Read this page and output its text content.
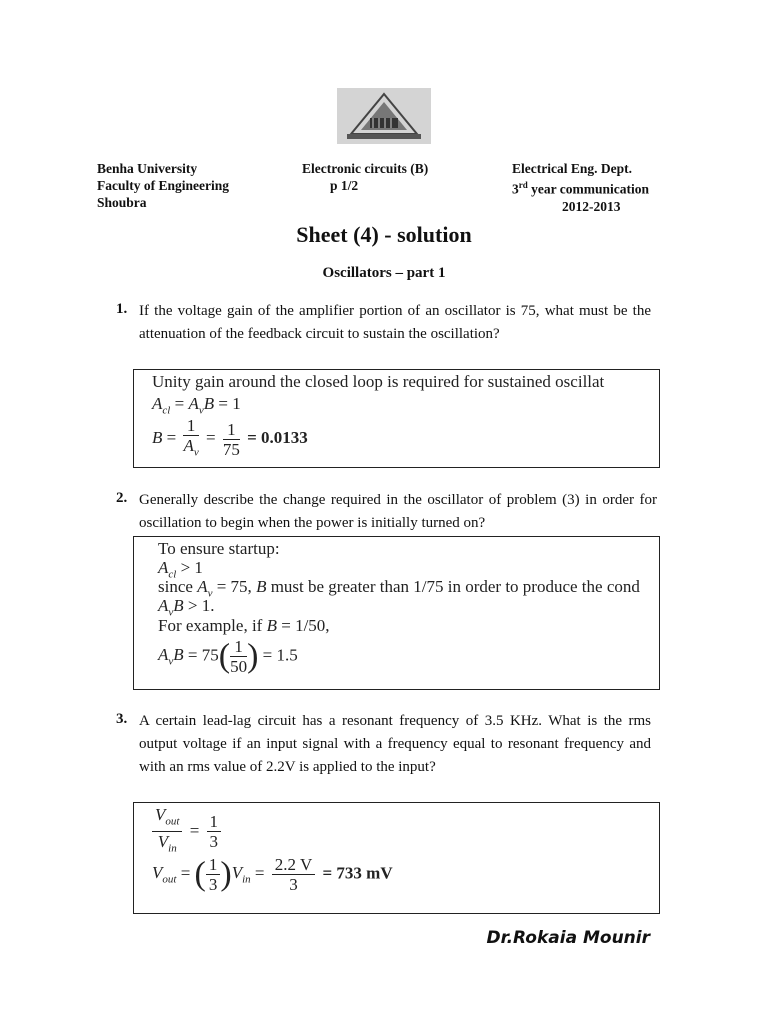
Benha University
Faculty of Engineering
Shoubra
Electronic circuits (B)
p 1/2
Electrical Eng. Dept.
3rd year communication
2012-2013
Sheet (4) - solution
Oscillators – part 1
1. If the voltage gain of the amplifier portion of an oscillator is 75, what must be the attenuation of the feedback circuit to sustain the oscillation?
Unity gain around the closed loop is required for sustained oscillat
$A_{cl} = A_vB = 1$
$B = \frac{1}{A_v} = \frac{1}{75} = 0.0133$
2. Generally describe the change required in the oscillator of problem (3) in order for oscillation to begin when the power is initially turned on?
To ensure startup:
$A_{cl} > 1$
since $A_v = 75$, B must be greater than 1/75 in order to produce the cond
$A_vB > 1$.
For example, if B = 1/50,
$A_vB = 75( \frac{1}{50}$ ) = 1.5
3. A certain lead-lag circuit has a resonant frequency of 3.5 KHz. What is the rms output voltage if an input signal with a frequency equal to resonant frequency and with an rms value of 2.2V is applied to the input?
$\frac{V_{out}}{V_{in}} = \frac{1}{3}$
$V_{out}$ = ( $\frac{1}{3} )V_{in} = \frac{2.2 V}{3} = 733$ mV
Dr.Rokaia Mounir
